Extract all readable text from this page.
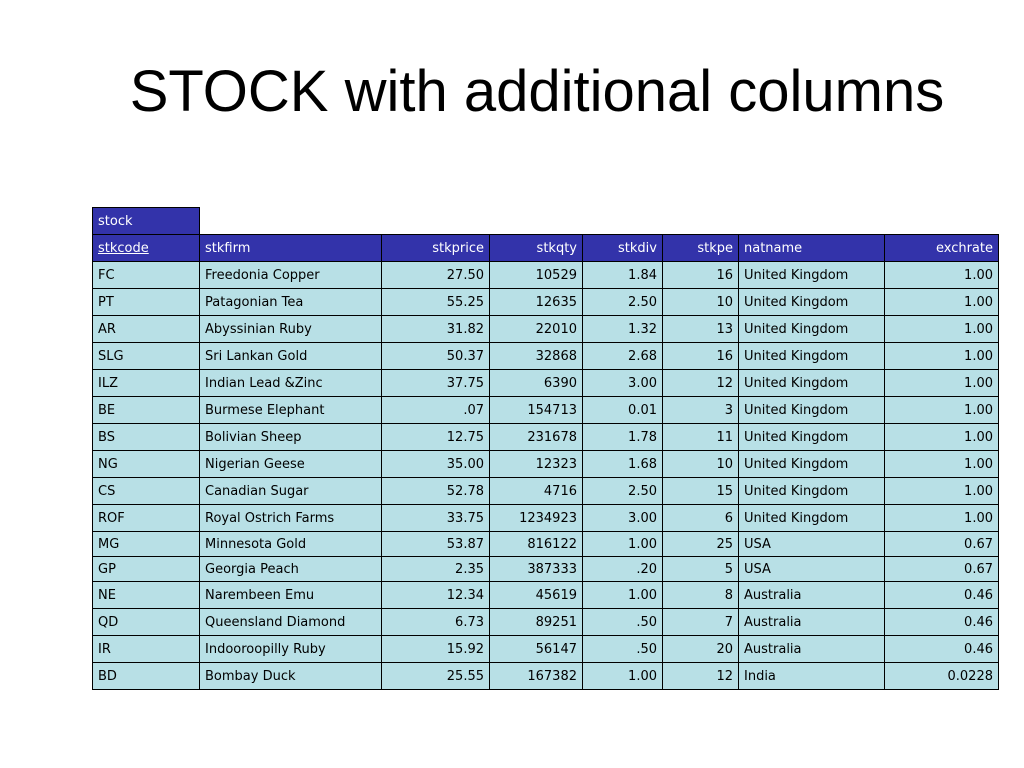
STOCK with additional columns
stock							
stkcode	stkfirm	stkprice	stkqty	stkdiv	stkpe	natname	exchrate
FC	Freedonia Copper	27.50	10529	1.84	16	United Kingdom	1.00
PT	Patagonian Tea	55.25	12635	2.50	10	United Kingdom	1.00
AR	Abyssinian Ruby	31.82	22010	1.32	13	United Kingdom	1.00
SLG	Sri Lankan Gold	50.37	32868	2.68	16	United Kingdom	1.00
ILZ	Indian Lead &Zinc	37.75	6390	3.00	12	United Kingdom	1.00
BE	Burmese Elephant	.07	154713	0.01	3	United Kingdom	1.00
BS	Bolivian Sheep	12.75	231678	1.78	11	United Kingdom	1.00
NG	Nigerian Geese	35.00	12323	1.68	10	United Kingdom	1.00
CS	Canadian Sugar	52.78	4716	2.50	15	United Kingdom	1.00
ROF	Royal Ostrich Farms	33.75	1234923	3.00	6	United Kingdom	1.00
MG	Minnesota Gold	53.87	816122	1.00	25	USA	0.67
GP	Georgia Peach	2.35	387333	.20	5	USA	0.67
NE	Narembeen Emu	12.34	45619	1.00	8	Australia	0.46
QD	Queensland Diamond	6.73	89251	.50	7	Australia	0.46
IR	Indooroopilly Ruby	15.92	56147	.50	20	Australia	0.46
BD	Bombay Duck	25.55	167382	1.00	12	India	0.0228
